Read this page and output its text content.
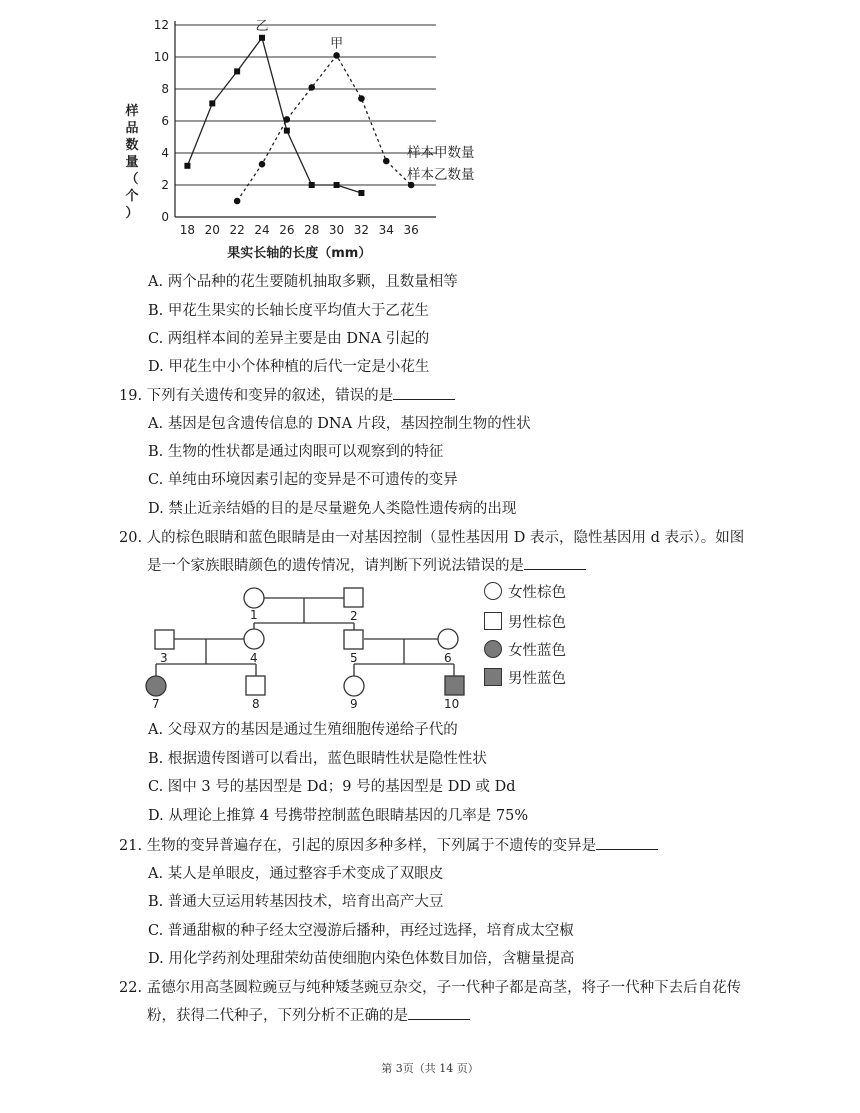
0
2
4
6
8
10
12
18 20 22 24 26 28 30 32 34 36
样
品
数
量
（
个
）
果实长轴的长度（mm）
乙
甲
样本甲数量
样本乙数量
A. 两个品种的花生要随机抽取多颗，且数量相等
B. 甲花生果实的长轴长度平均值大于乙花生
C. 两组样本间的差异主要是由 DNA 引起的
D. 甲花生中小个体种植的后代一定是小花生
19. 下列有关遗传和变异的叙述，错误的是
A. 基因是包含遗传信息的 DNA 片段，基因控制生物的性状
B. 生物的性状都是通过肉眼可以观察到的特征
C. 单纯由环境因素引起的变异是不可遗传的变异
D. 禁止近亲结婚的目的是尽量避免人类隐性遗传病的出现
20. 人的棕色眼睛和蓝色眼睛是由一对基因控制（显性基因用 D 表示，隐性基因用 d 表示）。如图
是一个家族眼睛颜色的遗传情况，请判断下列说法错误的是
1	2
3	4	5	6
7	8	9	10
女性棕色
男性棕色
女性蓝色
男性蓝色
A. 父母双方的基因是通过生殖细胞传递给子代的
B. 根据遗传图谱可以看出，蓝色眼睛性状是隐性性状
C. 图中 3 号的基因型是 Dd；9 号的基因型是 DD 或 Dd
D. 从理论上推算 4 号携带控制蓝色眼睛基因的几率是 75%
21. 生物的变异普遍存在，引起的原因多种多样，下列属于不遗传的变异是
A. 某人是单眼皮，通过整容手术变成了双眼皮
B. 普通大豆运用转基因技术，培育出高产大豆
C. 普通甜椒的种子经太空漫游后播种，再经过选择，培育成太空椒
D. 用化学药剂处理甜荣幼苗使细胞内染色体数目加倍，含糖量提高
22. 孟德尔用高茎圆粒豌豆与纯种矮茎豌豆杂交，子一代种子都是高茎，将子一代种下去后自花传
粉，获得二代种子，下列分析不正确的是
第 3页（共 14 页）
